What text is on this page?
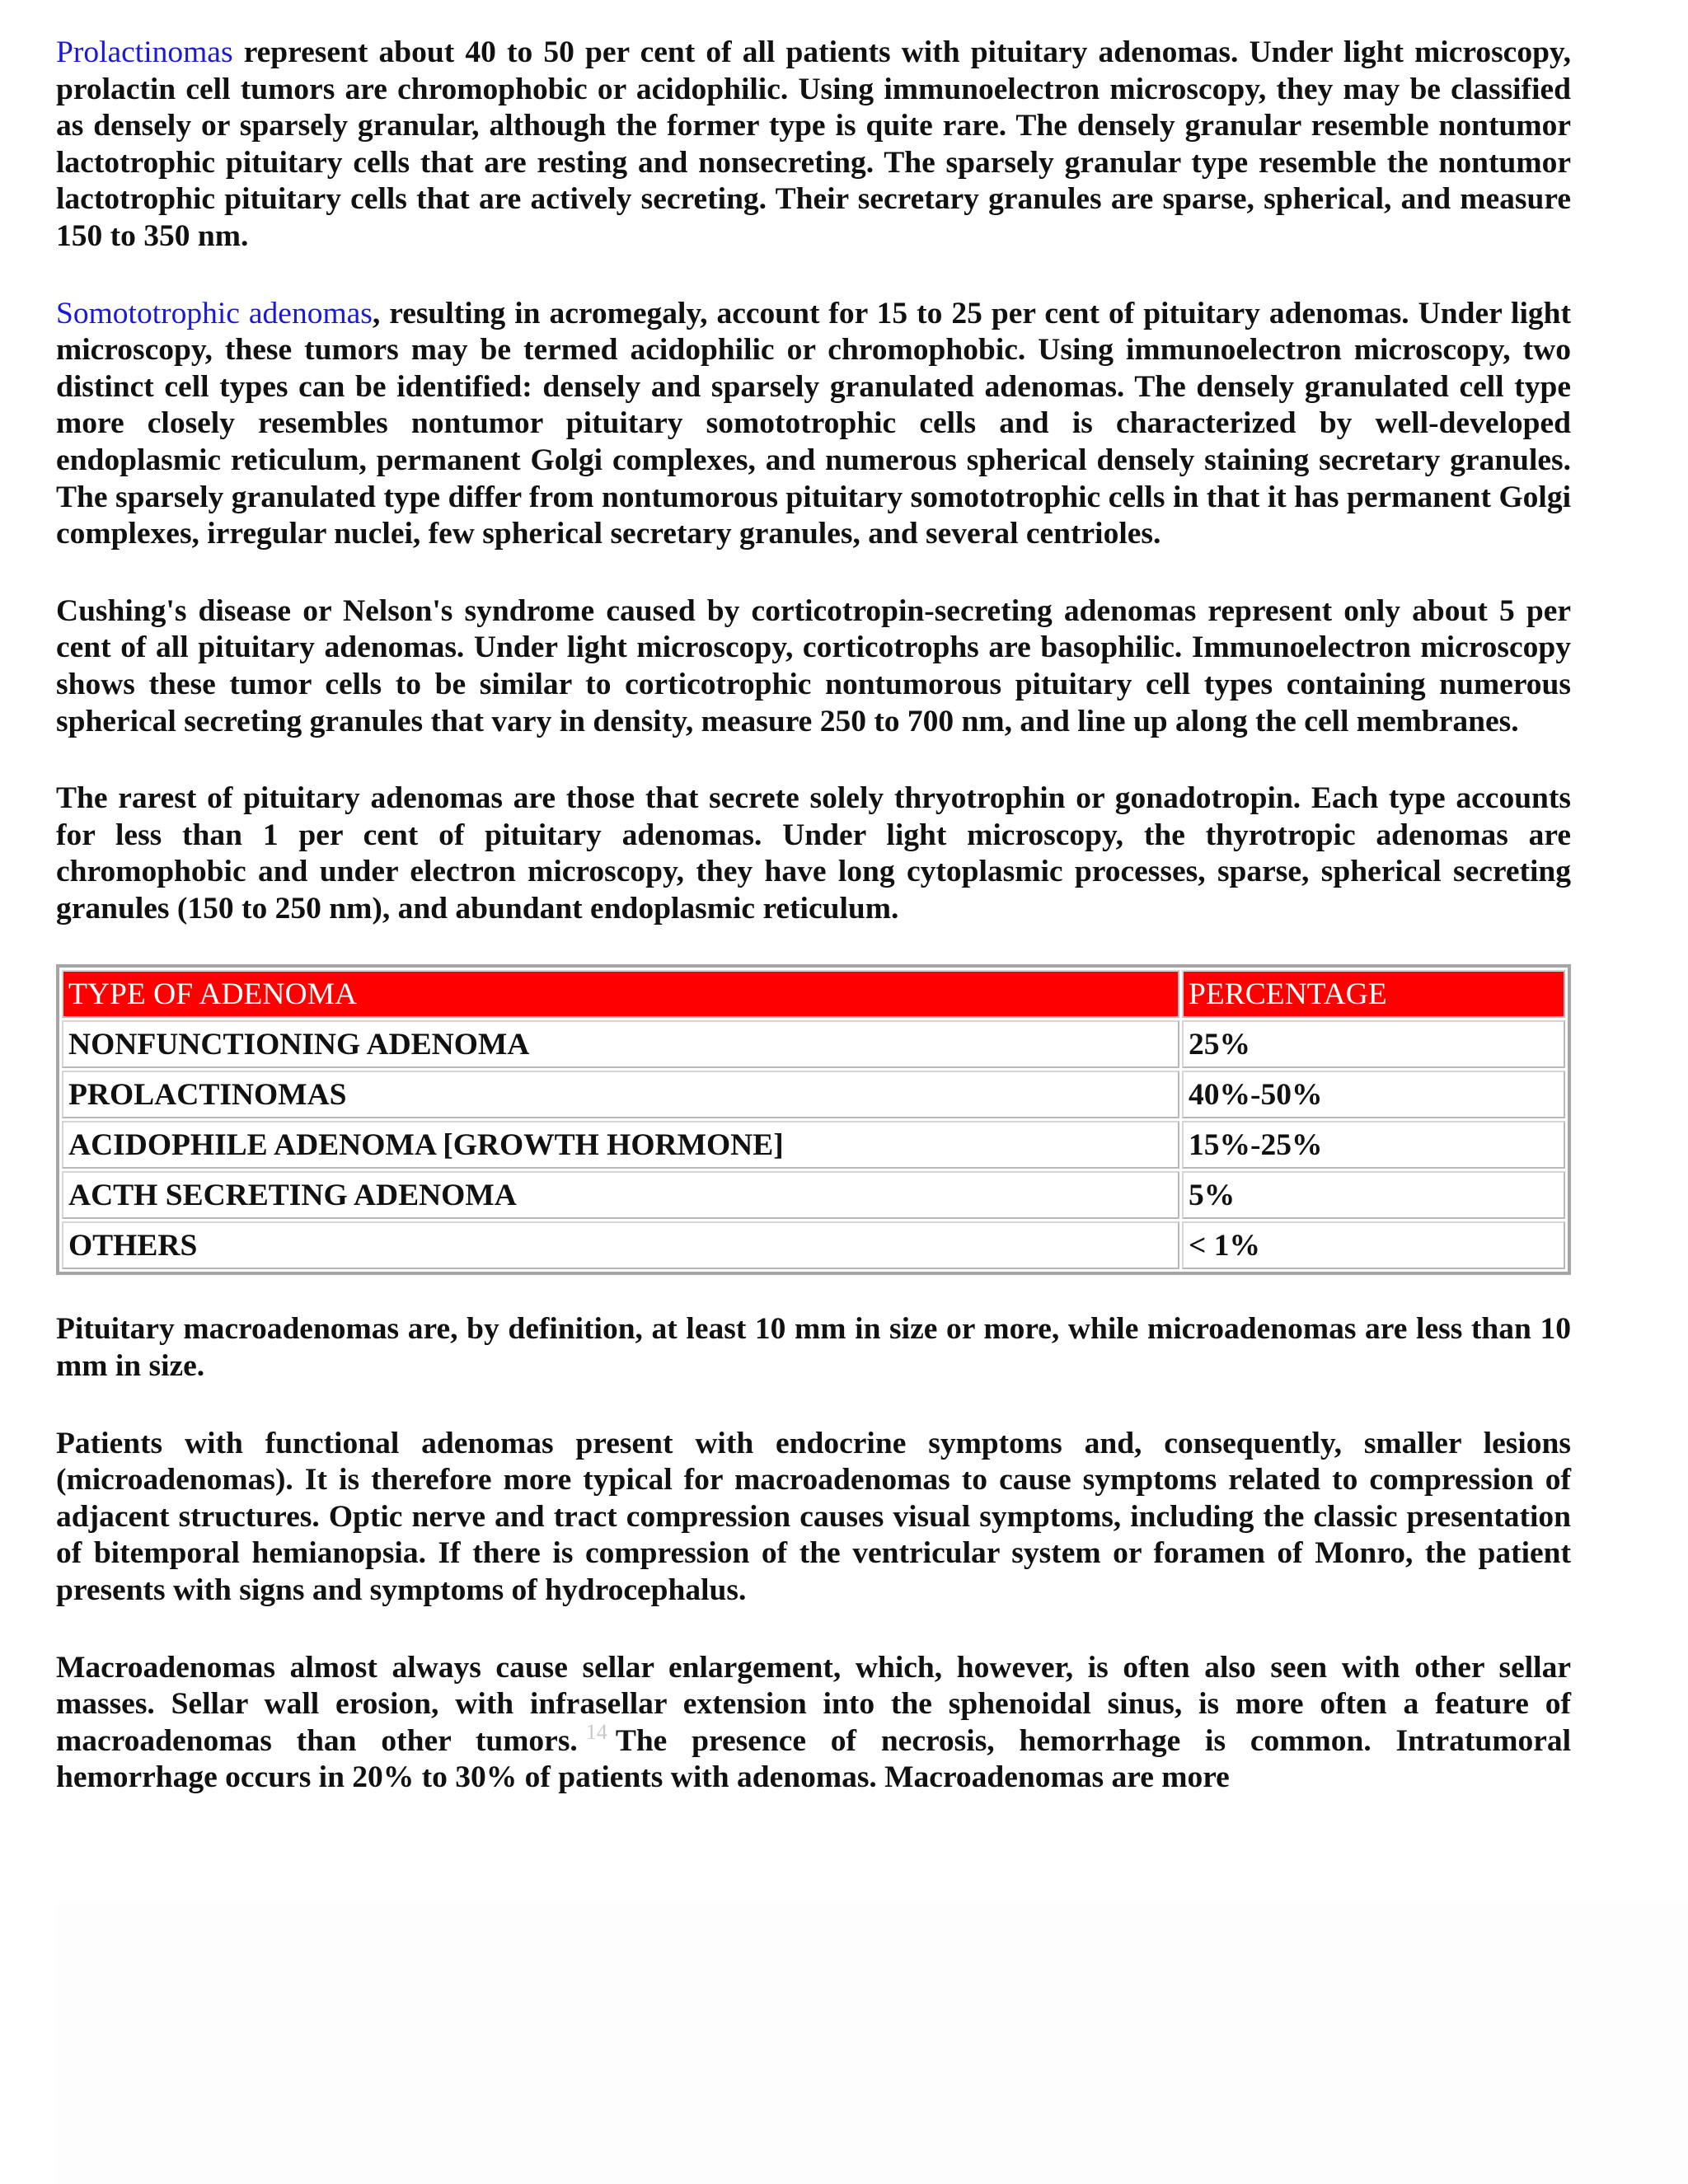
Prolactinomas represent about 40 to 50 per cent of all patients with pituitary adenomas. Under light microscopy, prolactin cell tumors are chromophobic or acidophilic. Using immunoelectron microscopy, they may be classified as densely or sparsely granular, although the former type is quite rare. The densely granular resemble nontumor lactotrophic pituitary cells that are resting and nonsecreting. The sparsely granular type resemble the nontumor lactotrophic pituitary cells that are actively secreting. Their secretary granules are sparse, spherical, and measure 150 to 350 nm.

Somototrophic adenomas, resulting in acromegaly, account for 15 to 25 per cent of pituitary adenomas. Under light microscopy, these tumors may be termed acidophilic or chromophobic. Using immunoelectron microscopy, two distinct cell types can be identified: densely and sparsely granulated adenomas. The densely granulated cell type more closely resembles nontumor pituitary somototrophic cells and is characterized by well-developed endoplasmic reticulum, permanent Golgi complexes, and numerous spherical densely staining secretary granules. The sparsely granulated type differ from nontumorous pituitary somototrophic cells in that it has permanent Golgi complexes, irregular nuclei, few spherical secretary granules, and several centrioles.

Cushing's disease or Nelson's syndrome caused by corticotropin-secreting adenomas represent only about 5 per cent of all pituitary adenomas. Under light microscopy, corticotrophs are basophilic. Immunoelectron microscopy shows these tumor cells to be similar to corticotrophic nontumorous pituitary cell types containing numerous spherical secreting granules that vary in density, measure 250 to 700 nm, and line up along the cell membranes.

The rarest of pituitary adenomas are those that secrete solely thryotrophin or gonadotropin. Each type accounts for less than 1 per cent of pituitary adenomas. Under light microscopy, the thyrotropic adenomas are chromophobic and under electron microscopy, they have long cytoplasmic processes, sparse, spherical secreting granules (150 to 250 nm), and abundant endoplasmic reticulum.

TYPE OF ADENOMA	PERCENTAGE
NONFUNCTIONING ADENOMA	25%
PROLACTINOMAS	40%-50%
ACIDOPHILE ADENOMA [GROWTH HORMONE]	15%-25%
ACTH SECRETING ADENOMA	5%
OTHERS	< 1%

Pituitary macroadenomas are, by definition, at least 10 mm in size or more, while microadenomas are less than 10 mm in size.

Patients with functional adenomas present with endocrine symptoms and, consequently, smaller lesions (microadenomas). It is therefore more typical for macroadenomas to cause symptoms related to compression of adjacent structures. Optic nerve and tract compression causes visual symptoms, including the classic presentation of bitemporal hemianopsia. If there is compression of the ventricular system or foramen of Monro, the patient presents with signs and symptoms of hydrocephalus.

Macroadenomas almost always cause sellar enlargement, which, however, is often also seen with other sellar masses. Sellar wall erosion, with infrasellar extension into the sphenoidal sinus, is more often a feature of macroadenomas than other tumors. $^{14}$ The presence of necrosis, hemorrhage is common. Intratumoral hemorrhage occurs in 20% to 30% of patients with adenomas. Macroadenomas are more
